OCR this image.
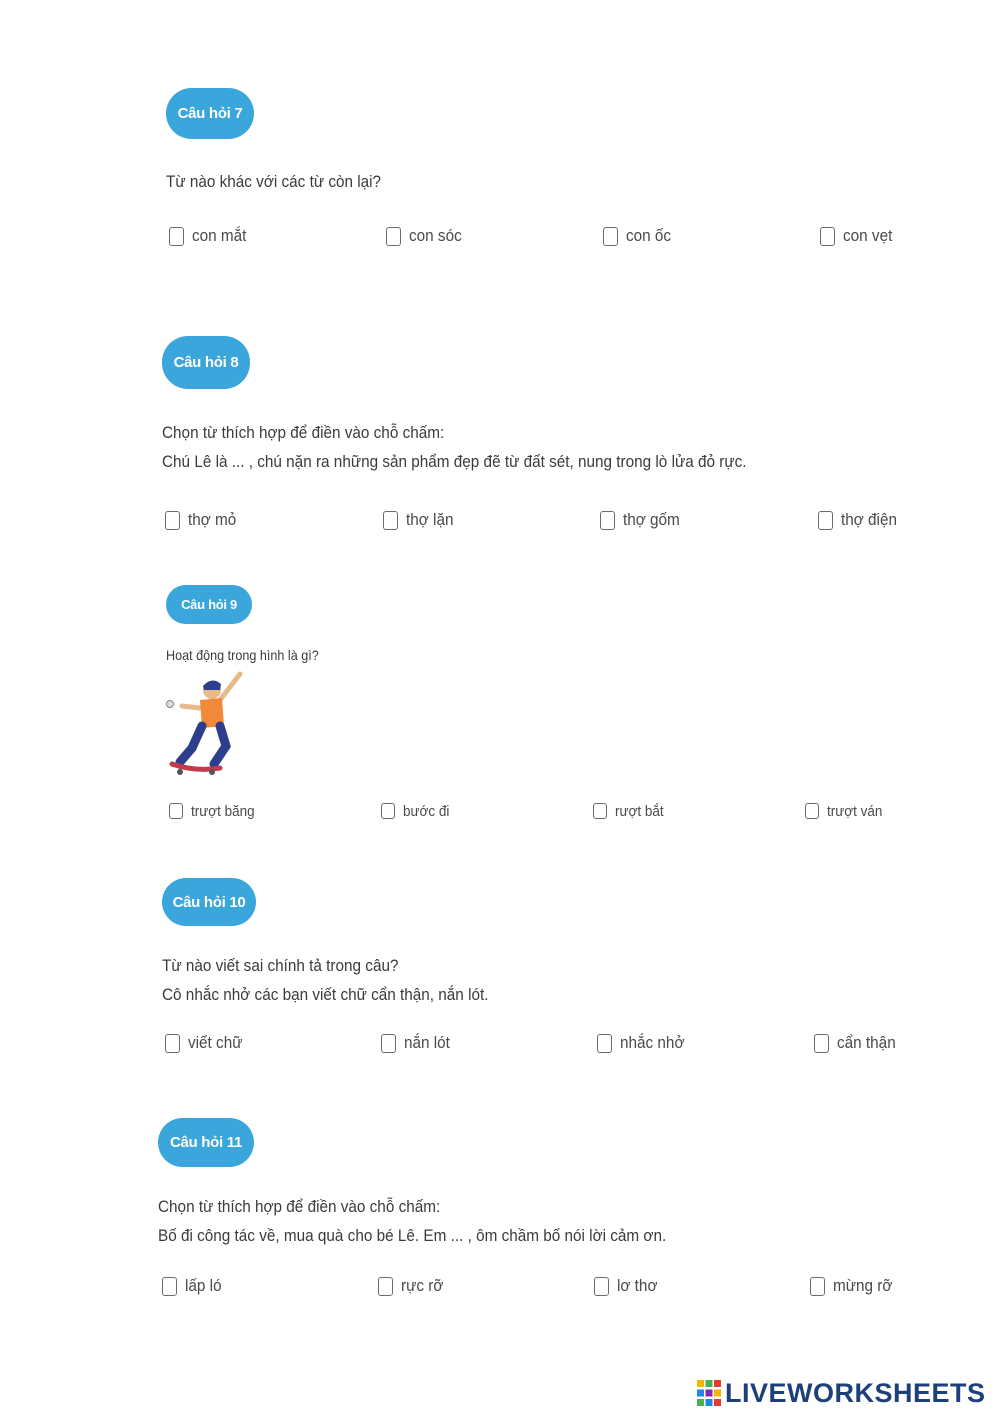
Câu hỏi 7
Từ nào khác với các từ còn lại?
con mắt	con sóc	con ốc	con vẹt
Câu hỏi 8
Chọn từ thích hợp để điền vào chỗ chấm:
Chú Lê là ... , chú nặn ra những sản phẩm đẹp đẽ từ đất sét, nung trong lò lửa đỏ rực.
thợ mỏ	thợ lặn	thợ gốm	thợ điện
Câu hỏi 9
Hoạt động trong hình là gì?
trượt băng	bước đi	rượt bắt	trượt ván
Câu hỏi 10
Từ nào viết sai chính tả trong câu?
Cô nhắc nhở các bạn viết chữ cẩn thận, nắn lót.
viết chữ	nắn lót	nhắc nhở	cẩn thận
Câu hỏi 11
Chọn từ thích hợp để điền vào chỗ chấm:
Bố đi công tác về, mua quà cho bé Lê. Em ... , ôm chầm bố nói lời cảm ơn.
lấp ló	rực rỡ	lơ thơ	mừng rỡ
LIVEWORKSHEETS
